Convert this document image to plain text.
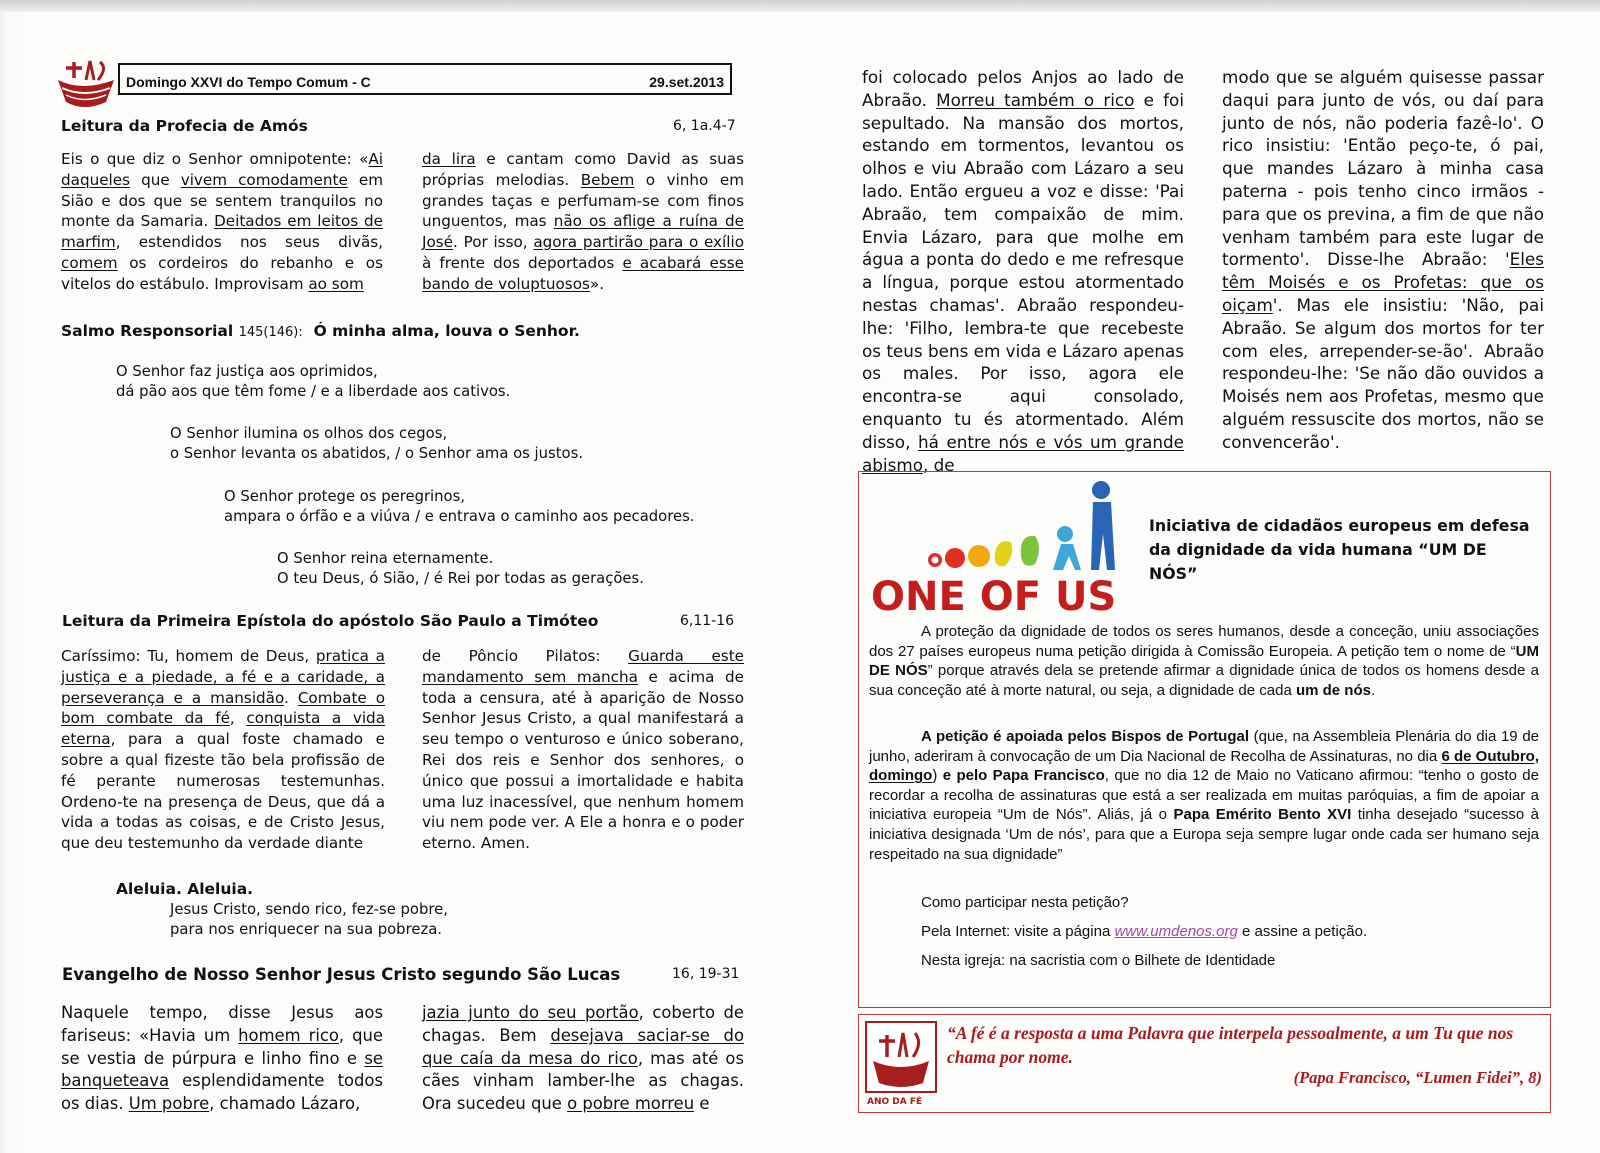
Domingo XXVI do Tempo Comum - C	29.set.2013
Leitura da Profecia de Amós	6, 1a.4-7

Eis o que diz o Senhor omnipotente: «Ai daqueles que vivem comodamente em Sião e dos que se sentem tranquilos no monte da Samaria. Deitados em leitos de marfim, estendidos nos seus divãs, comem os cordeiros do rebanho e os vitelos do estábulo. Improvisam ao som

da lira e cantam como David as suas próprias melodias. Bebem o vinho em grandes taças e perfumam-se com finos unguentos, mas não os aflige a ruína de José. Por isso, agora partirão para o exílio à frente dos deportados e acabará esse bando de voluptuosos».

Salmo Responsorial 145(146): Ó minha alma, louva o Senhor.
O Senhor faz justiça aos oprimidos,
dá pão aos que têm fome / e a liberdade aos cativos.
O Senhor ilumina os olhos dos cegos,
o Senhor levanta os abatidos, / o Senhor ama os justos.
O Senhor protege os peregrinos,
ampara o órfão e a viúva / e entrava o caminho aos pecadores.
O Senhor reina eternamente.
O teu Deus, ó Sião, / é Rei por todas as gerações.
Leitura da Primeira Epístola do apóstolo São Paulo a Timóteo	6,11-16

Caríssimo: Tu, homem de Deus, pratica a justiça e a piedade, a fé e a caridade, a perseverança e a mansidão. Combate o bom combate da fé, conquista a vida eterna, para a qual foste chamado e sobre a qual fizeste tão bela profissão de fé perante numerosas testemunhas. Ordeno-te na presença de Deus, que dá a vida a todas as coisas, e de Cristo Jesus, que deu testemunho da verdade diante

de Pôncio Pilatos: Guarda este mandamento sem mancha e acima de toda a censura, até à aparição de Nosso Senhor Jesus Cristo, a qual manifestará a seu tempo o venturoso e único soberano, Rei dos reis e Senhor dos senhores, o único que possui a imortalidade e habita uma luz inacessível, que nenhum homem viu nem pode ver. A Ele a honra e o poder eterno. Amen.

Aleluia. Aleluia.
Jesus Cristo, sendo rico, fez-se pobre,
para nos enriquecer na sua pobreza.
Evangelho de Nosso Senhor Jesus Cristo segundo São Lucas	16, 19-31

Naquele tempo, disse Jesus aos fariseus: «Havia um homem rico, que se vestia de púrpura e linho fino e se banqueteava esplendidamente todos os dias. Um pobre, chamado Lázaro,

jazia junto do seu portão, coberto de chagas. Bem desejava saciar-se do que caía da mesa do rico, mas até os cães vinham lamber-lhe as chagas. Ora sucedeu que o pobre morreu e

foi colocado pelos Anjos ao lado de Abraão. Morreu também o rico e foi sepultado. Na mansão dos mortos, estando em tormentos, levantou os olhos e viu Abraão com Lázaro a seu lado. Então ergueu a voz e disse: 'Pai Abraão, tem compaixão de mim. Envia Lázaro, para que molhe em água a ponta do dedo e me refresque a língua, porque estou atormentado nestas chamas'. Abraão respondeu-lhe: 'Filho, lembra-te que recebeste os teus bens em vida e Lázaro apenas os males. Por isso, agora ele encontra-se aqui consolado, enquanto tu és atormentado. Além disso, há entre nós e vós um grande abismo, de

modo que se alguém quisesse passar daqui para junto de vós, ou daí para junto de nós, não poderia fazê-lo'. O rico insistiu: 'Então peço-te, ó pai, que mandes Lázaro à minha casa paterna - pois tenho cinco irmãos - para que os previna, a fim de que não venham também para este lugar de tormento'. Disse-lhe Abraão: 'Eles têm Moisés e os Profetas: que os oiçam'. Mas ele insistiu: 'Não, pai Abraão. Se algum dos mortos for ter com eles, arrepender-se-ão'. Abraão respondeu-lhe: 'Se não dão ouvidos a Moisés nem aos Profetas, mesmo que alguém ressuscite dos mortos, não se convencerão'.

ONE OF US
Iniciativa de cidadãos europeus em defesa da dignidade da vida humana “UM DE NÓS”

A proteção da dignidade de todos os seres humanos, desde a conceção, uniu associações dos 27 países europeus numa petição dirigida à Comissão Europeia. A petição tem o nome de “UM DE NÓS” porque através dela se pretende afirmar a dignidade única de todos os homens desde a sua conceção até à morte natural, ou seja, a dignidade de cada um de nós.

A petição é apoiada pelos Bispos de Portugal (que, na Assembleia Plenária do dia 19 de junho, aderiram à convocação de um Dia Nacional de Recolha de Assinaturas, no dia 6 de Outubro, domingo) e pelo Papa Francisco, que no dia 12 de Maio no Vaticano afirmou: “tenho o gosto de recordar a recolha de assinaturas que está a ser realizada em muitas paróquias, a fim de apoiar a iniciativa europeia “Um de Nós”. Aliás, já o Papa Emérito Bento XVI tinha desejado “sucesso à iniciativa designada ‘Um de nós’, para que a Europa seja sempre lugar onde cada ser humano seja respeitado na sua dignidade”

Como participar nesta petição?
Pela Internet: visite a página www.umdenos.org e assine a petição.
Nesta igreja: na sacristia com o Bilhete de Identidade
ANO DA FÉ
“A fé é a resposta a uma Palavra que interpela pessoalmente, a um Tu que nos chama por nome.
(Papa Francisco, “Lumen Fidei”, 8)
